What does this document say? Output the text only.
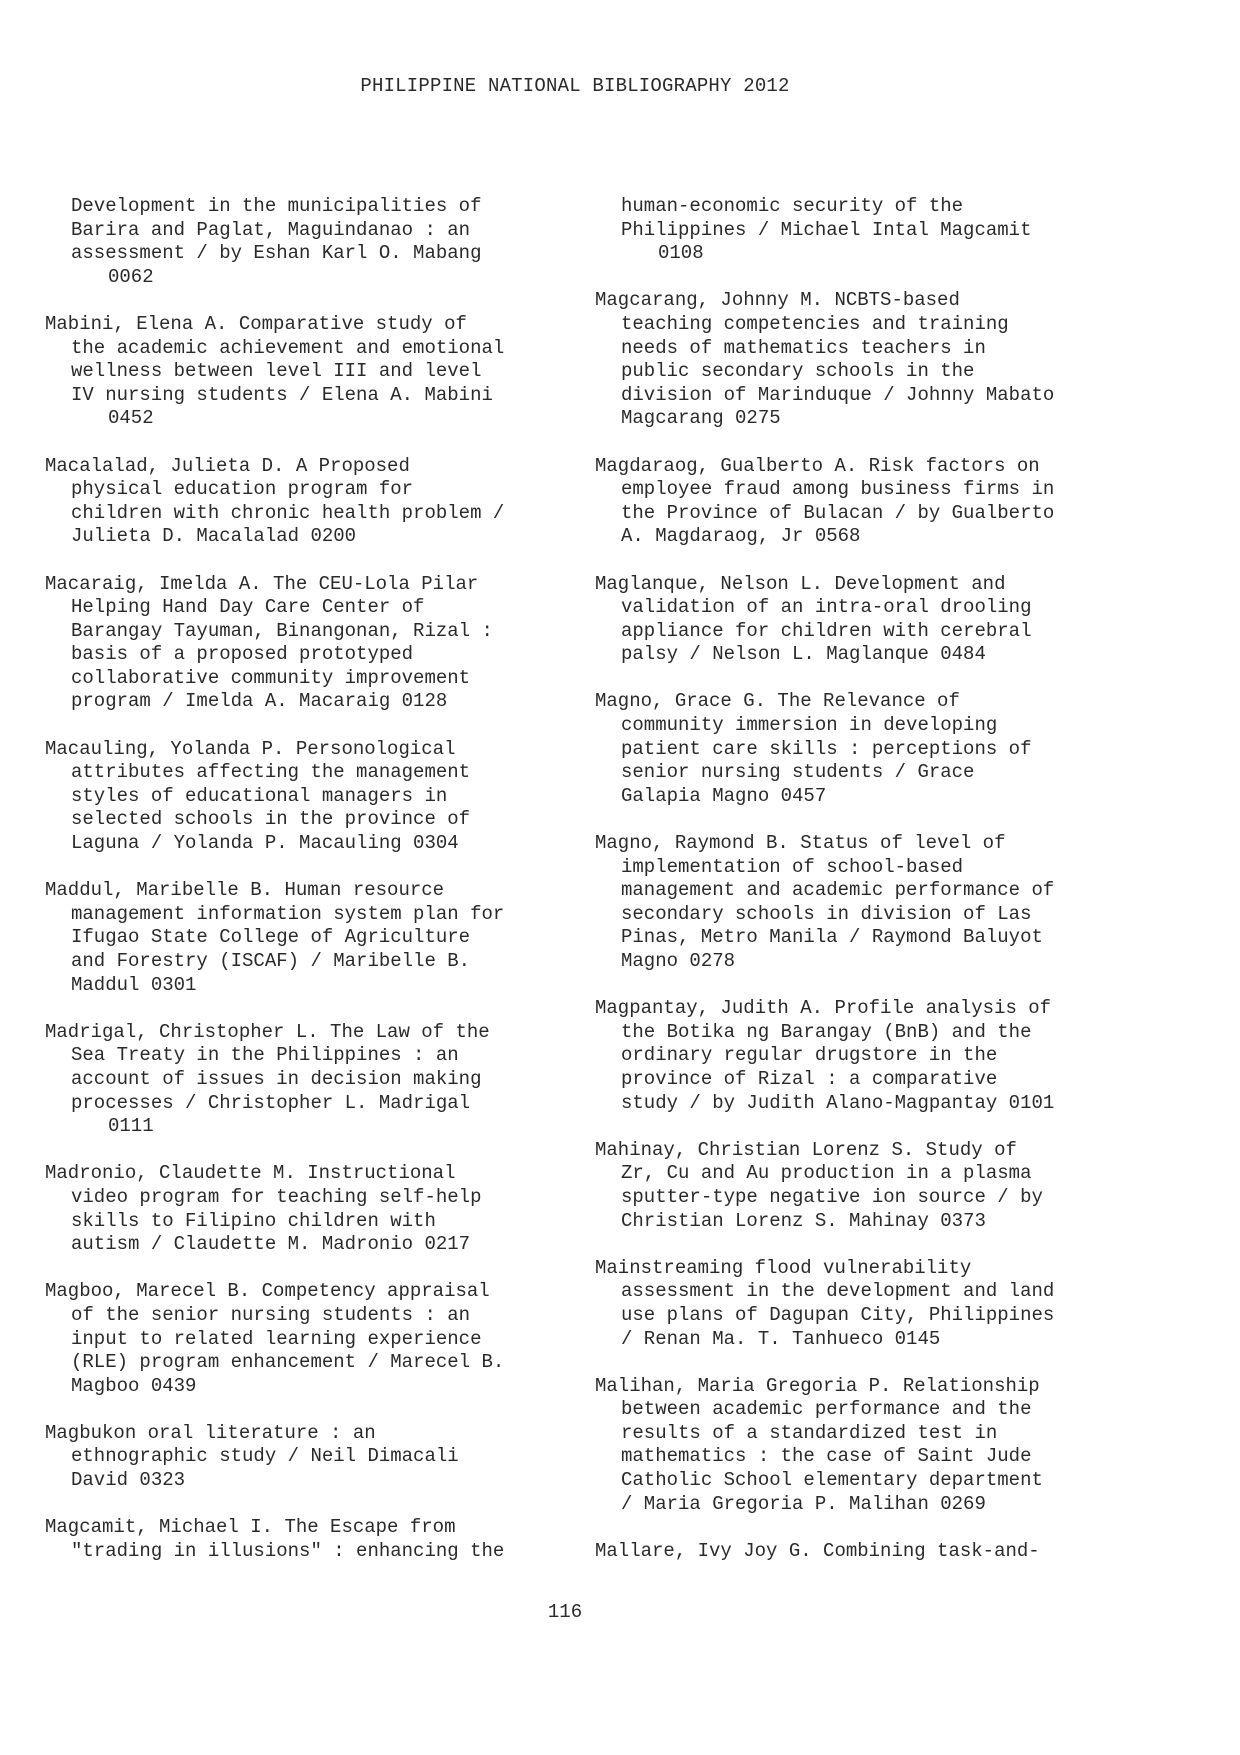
PHILIPPINE NATIONAL BIBLIOGRAPHY 2012
Development in the municipalities of
Barira and Paglat, Maguindanao : an
assessment / by Eshan Karl O. Mabang
0062
Mabini, Elena A. Comparative study of
the academic achievement and emotional
wellness between level III and level
IV nursing students / Elena A. Mabini
0452
Macalalad, Julieta D. A Proposed
physical education program for
children with chronic health problem /
Julieta D. Macalalad 0200
Macaraig, Imelda A. The CEU-Lola Pilar
Helping Hand Day Care Center of
Barangay Tayuman, Binangonan, Rizal :
basis of a proposed prototyped
collaborative community improvement
program / Imelda A. Macaraig 0128
Macauling, Yolanda P. Personological
attributes affecting the management
styles of educational managers in
selected schools in the province of
Laguna / Yolanda P. Macauling 0304
Maddul, Maribelle B. Human resource
management information system plan for
Ifugao State College of Agriculture
and Forestry (ISCAF) / Maribelle B.
Maddul 0301
Madrigal, Christopher L. The Law of the
Sea Treaty in the Philippines : an
account of issues in decision making
processes / Christopher L. Madrigal
0111
Madronio, Claudette M. Instructional
video program for teaching self-help
skills to Filipino children with
autism / Claudette M. Madronio 0217
Magboo, Marecel B. Competency appraisal
of the senior nursing students : an
input to related learning experience
(RLE) program enhancement / Marecel B.
Magboo 0439
Magbukon oral literature : an
ethnographic study / Neil Dimacali
David 0323
Magcamit, Michael I. The Escape from
"trading in illusions" : enhancing the
human-economic security of the
Philippines / Michael Intal Magcamit
0108
Magcarang, Johnny M. NCBTS-based
teaching competencies and training
needs of mathematics teachers in
public secondary schools in the
division of Marinduque / Johnny Mabato
Magcarang 0275
Magdaraog, Gualberto A. Risk factors on
employee fraud among business firms in
the Province of Bulacan / by Gualberto
A. Magdaraog, Jr 0568
Maglanque, Nelson L. Development and
validation of an intra-oral drooling
appliance for children with cerebral
palsy / Nelson L. Maglanque 0484
Magno, Grace G. The Relevance of
community immersion in developing
patient care skills : perceptions of
senior nursing students / Grace
Galapia Magno 0457
Magno, Raymond B. Status of level of
implementation of school-based
management and academic performance of
secondary schools in division of Las
Pinas, Metro Manila / Raymond Baluyot
Magno 0278
Magpantay, Judith A. Profile analysis of
the Botika ng Barangay (BnB) and the
ordinary regular drugstore in the
province of Rizal : a comparative
study / by Judith Alano-Magpantay 0101
Mahinay, Christian Lorenz S. Study of
Zr, Cu and Au production in a plasma
sputter-type negative ion source / by
Christian Lorenz S. Mahinay 0373
Mainstreaming flood vulnerability
assessment in the development and land
use plans of Dagupan City, Philippines
/ Renan Ma. T. Tanhueco 0145
Malihan, Maria Gregoria P. Relationship
between academic performance and the
results of a standardized test in
mathematics : the case of Saint Jude
Catholic School elementary department
/ Maria Gregoria P. Malihan 0269
Mallare, Ivy Joy G. Combining task-and-
116
